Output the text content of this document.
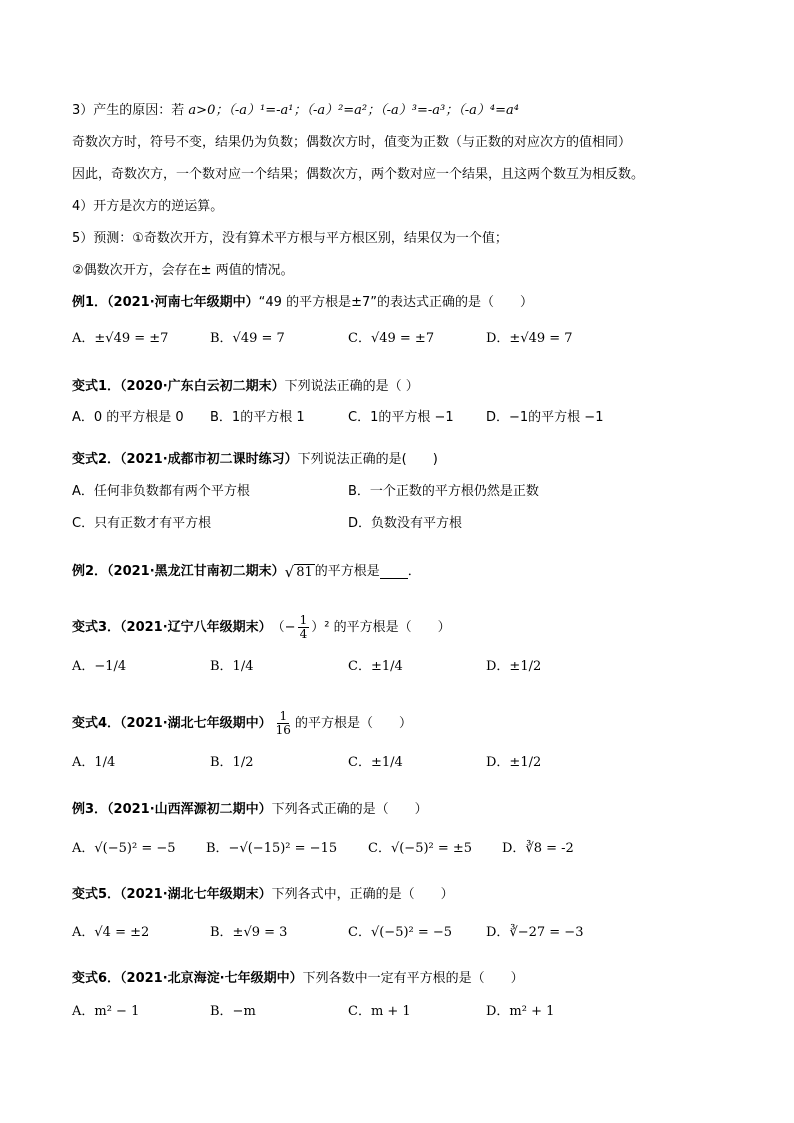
3）产生的原因：若 a>0；（-a）¹=-a¹；（-a）²=a²；（-a）³=-a³；（-a）⁴=a⁴
奇数次方时，符号不变，结果仍为负数；偶数次方时，值变为正数（与正数的对应次方的值相同）
因此，奇数次方，一个数对应一个结果；偶数次方，两个数对应一个结果，且这两个数互为相反数。
4）开方是次方的逆运算。
5）预测：①奇数次开方，没有算术平方根与平方根区别，结果仅为一个值；
②偶数次开方，会存在± 两值的情况。
例1．（2021·河南七年级期中）“49 的平方根是±7”的表达式正确的是（　　）
A．±√49 = ±7	B．√49 = 7	C．√49 = ±7	D．±√49 = 7
变式1．（2020·广东白云初二期末）下列说法正确的是（ ）
A．0 的平方根是 0 B．1的平方根 1	C．1的平方根 −1 D．−1的平方根 −1
变式2．（2021·成都市初二课时练习）下列说法正确的是(　　)
A．任何非负数都有两个平方根	B．一个正数的平方根仍然是正数
C．只有正数才有平方根	D．负数没有平方根
例2．（2021·黑龙江甘南初二期末） √ 81 的平方根是 ．
变式3．（2021·辽宁八年级期末） （− $\frac{1}{4} )^2$ 的平方根是（　　）
A．−1/4	B．1/4	C．±1/4	D．±1/2
变式4．（2021·湖北七年级期中） $\frac{1}{16}$ 的平方根是（　　）
A．1/4	B．1/2	C．±1/4	D．±1/2
例3．（2021·山西浑源初二期中）下列各式正确的是（　　）
A．√(−5)² = −5 B．−√(−15)² = −15 C．√(−5)² = ±5 D．∛8 = -2
变式5．（2021·湖北七年级期末）下列各式中，正确的是（　　）
A．√4 = ±2	B．±√9 = 3	C．√(−5)² = −5	D．∛−27 = −3
变式6．（2021·北京海淀·七年级期中）下列各数中一定有平方根的是（　　）
A．m² − 1	B．−m	C．m + 1	D．m² + 1
